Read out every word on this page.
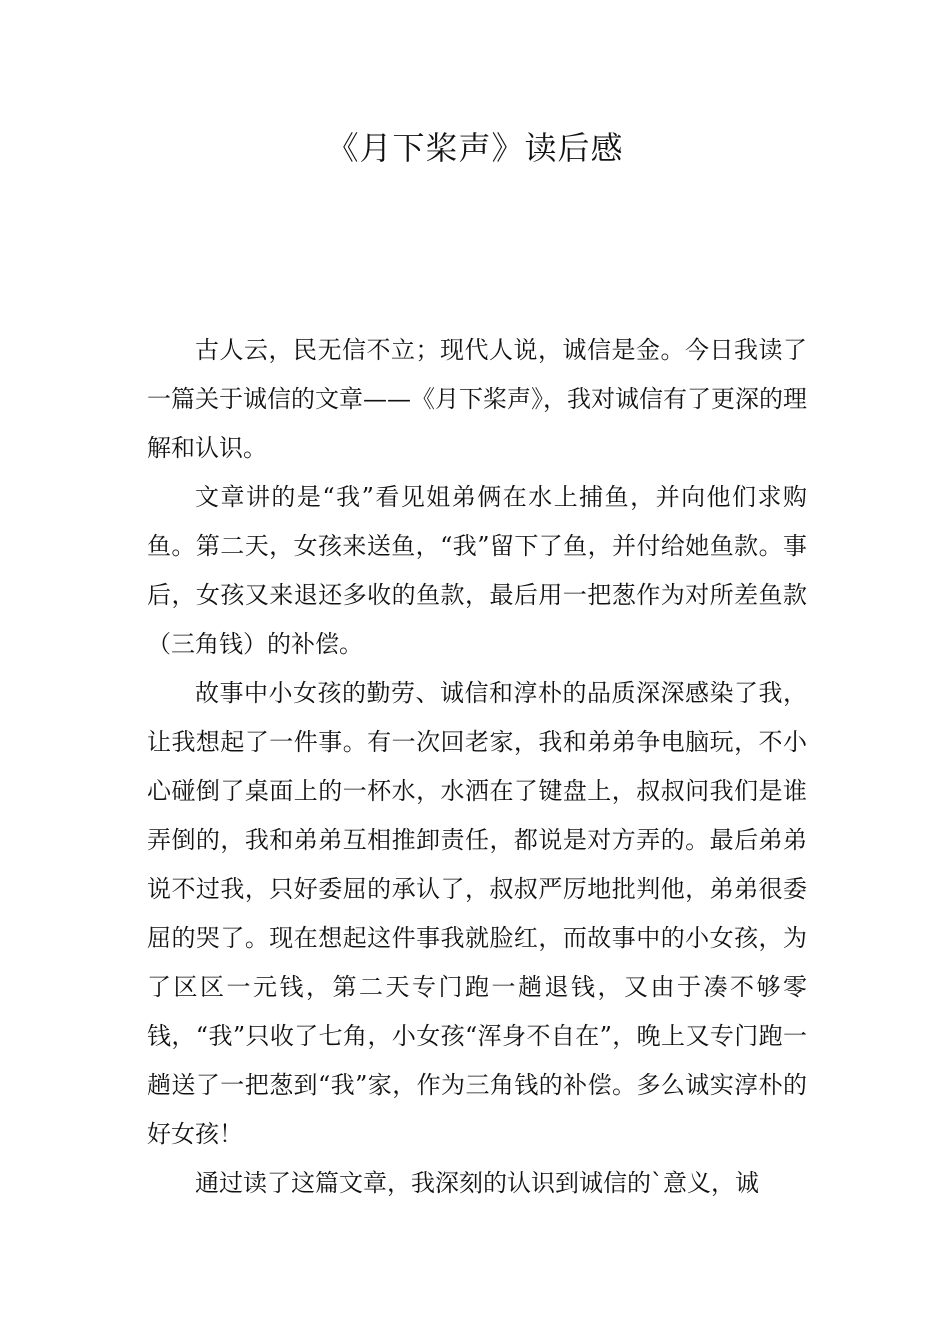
《月下桨声》读后感

古人云，民无信不立；现代人说，诚信是金。今日我读了一篇关于诚信的文章——《月下桨声》，我对诚信有了更深的理解和认识。

文章讲的是“我”看见姐弟俩在水上捕鱼，并向他们求购鱼。第二天，女孩来送鱼，“我”留下了鱼，并付给她鱼款。事后，女孩又来退还多收的鱼款，最后用一把葱作为对所差鱼款（三角钱）的补偿。

故事中小女孩的勤劳、诚信和淳朴的品质深深感染了我，让我想起了一件事。有一次回老家，我和弟弟争电脑玩，不小心碰倒了桌面上的一杯水，水洒在了键盘上，叔叔问我们是谁弄倒的，我和弟弟互相推卸责任，都说是对方弄的。最后弟弟说不过我，只好委屈的承认了，叔叔严厉地批判他，弟弟很委屈的哭了。现在想起这件事我就脸红，而故事中的小女孩，为了区区一元钱，第二天专门跑一趟退钱，又由于凑不够零钱，“我”只收了七角，小女孩“浑身不自在”，晚上又专门跑一趟送了一把葱到“我”家，作为三角钱的补偿。多么诚实淳朴的好女孩！

通过读了这篇文章，我深刻的认识到诚信的`意义，诚
